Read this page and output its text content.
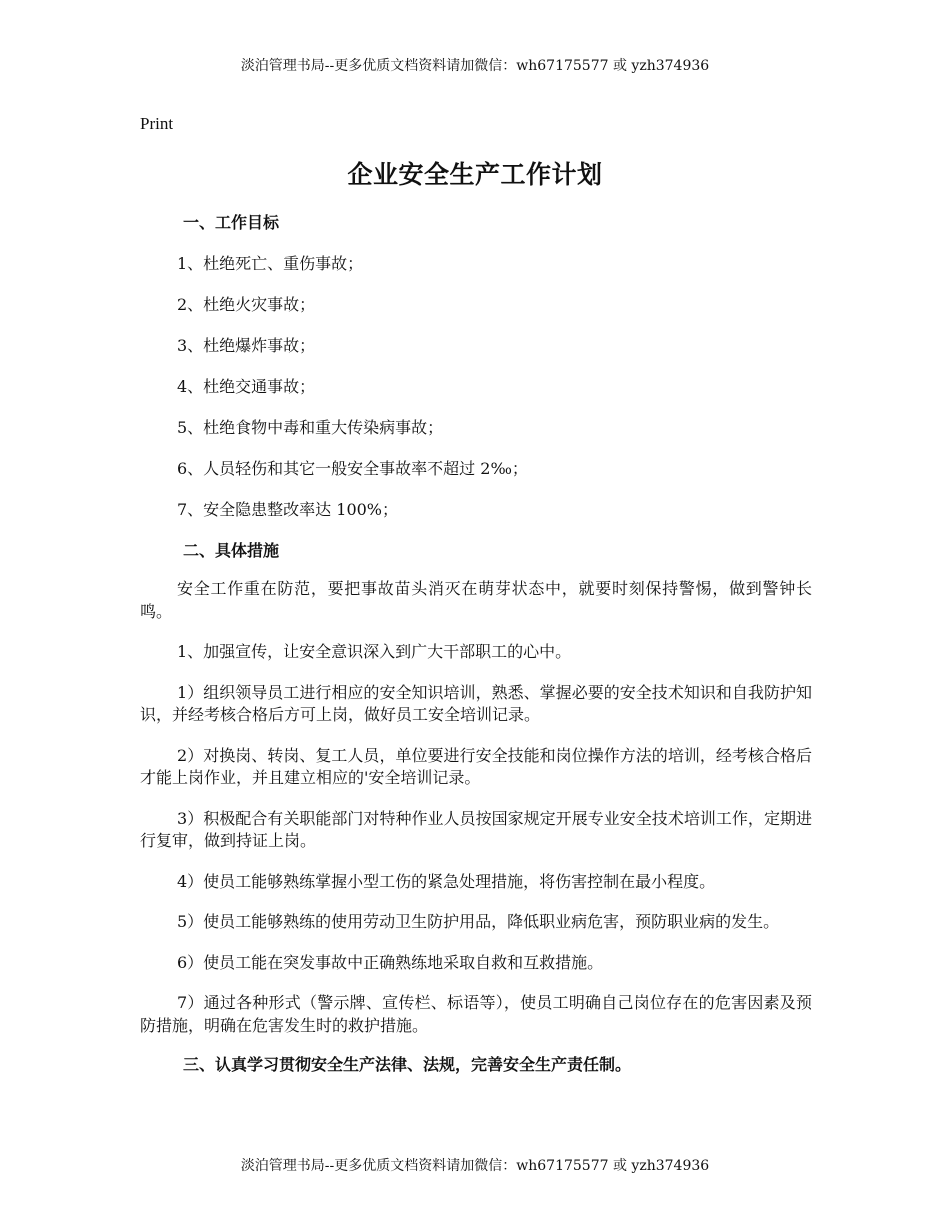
淡泊管理书局--更多优质文档资料请加微信：wh67175577 或 yzh374936
Print
企业安全生产工作计划

一、工作目标

1、杜绝死亡、重伤事故；

2、杜绝火灾事故；

3、杜绝爆炸事故；

4、杜绝交通事故；

5、杜绝食物中毒和重大传染病事故；

6、人员轻伤和其它一般安全事故率不超过 2‰；

7、安全隐患整改率达 100%；

二、具体措施

安全工作重在防范，要把事故苗头消灭在萌芽状态中，就要时刻保持警惕，做到警钟长鸣。

1、加强宣传，让安全意识深入到广大干部职工的心中。

1）组织领导员工进行相应的安全知识培训，熟悉、掌握必要的安全技术知识和自我防护知识，并经考核合格后方可上岗，做好员工安全培训记录。

2）对换岗、转岗、复工人员，单位要进行安全技能和岗位操作方法的培训，经考核合格后才能上岗作业，并且建立相应的'安全培训记录。

3）积极配合有关职能部门对特种作业人员按国家规定开展专业安全技术培训工作，定期进行复审，做到持证上岗。

4）使员工能够熟练掌握小型工伤的紧急处理措施，将伤害控制在最小程度。

5）使员工能够熟练的使用劳动卫生防护用品，降低职业病危害，预防职业病的发生。

6）使员工能在突发事故中正确熟练地采取自救和互救措施。

7）通过各种形式（警示牌、宣传栏、标语等），使员工明确自己岗位存在的危害因素及预防措施，明确在危害发生时的救护措施。

三、认真学习贯彻安全生产法律、法规，完善安全生产责任制。

淡泊管理书局--更多优质文档资料请加微信：wh67175577 或 yzh374936
